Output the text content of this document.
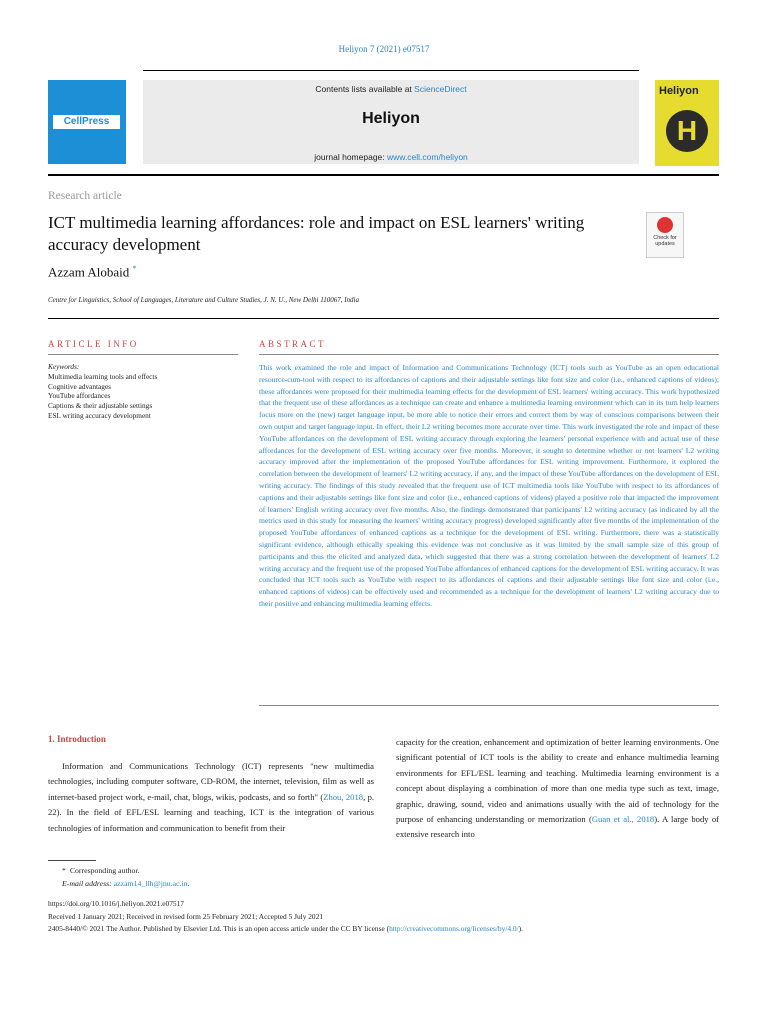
Heliyon 7 (2021) e07517
CellPress
Contents lists available at ScienceDirect
Heliyon
journal homepage: www.cell.com/heliyon
Heliyon
H
Research article
ICT multimedia learning affordances: role and impact on ESL learners' writing accuracy development	Check for updates
Azzam Alobaid *
Centre for Linguistics, School of Languages, Literature and Culture Studies, J. N. U., New Delhi 110067, India
ARTICLE INFO	ABSTRACT
Keywords:
Multimedia learning tools and effects
Cognitive advantages
YouTube affordances
Captions & their adjustable settings
ESL writing accuracy development
This work examined the role and impact of Information and Communications Technology (ICT) tools such as YouTube as an open educational resource-cum-tool with respect to its affordances of captions and their adjustable settings like font size and color (i.e., enhanced captions of videos); these affordances were proposed for their multimedia learning effects for the development of ESL learners' writing accuracy. This work hypothesized that the frequent use of these affordances as a technique can create and enhance a multimedia learning environment which can in its turn help learners focus more on the (new) target language input, be more able to notice their errors and correct them by way of conscious comparisons between their own output and target language input. In effect, their L2 writing becomes more accurate over time. This work investigated the role and impact of these YouTube affordances on the development of ESL writing accuracy through exploring the learners' personal experience with and actual use of these affordances for the development of ESL writing accuracy over five months. Moreover, it sought to determine whether or not learners' L2 writing accuracy improved after the implementation of the proposed YouTube affordances for ESL writing improvement. Furthermore, it explored the correlation between the development of learners' L2 writing accuracy, if any, and the impact of these YouTube affordances on the development of ESL writing accuracy. The findings of this study revealed that the frequent use of ICT multimedia tools like YouTube with respect to its affordances of captions and their adjustable settings like font size and color (i.e., enhanced captions of videos) played a positive role that impacted the improvement of learners' English writing accuracy over five months. Also, the findings demonstrated that participants' L2 writing accuracy (as indicated by all the metrics used in this study for measuring the learners' writing accuracy progress) developed significantly after five months of the implementation of the proposed YouTube affordances of enhanced captions as a technique for the development of ESL writing. Furthermore, there was a statistically significant evidence, although ethically speaking this evidence was not conclusive as it was limited by the small sample size of this group of participants and thus the elicited and analyzed data, which suggested that there was a strong correlation between the development of learners' L2 writing accuracy and the frequent use of the proposed YouTube affordances of enhanced captions for the development of ESL writing accuracy. It was concluded that ICT tools such as YouTube with respect to its affordances of captions and their adjustable settings like font size and color (i.e., enhanced captions of videos) can be effectively used and recommended as a technique for the development of learners' L2 writing accuracy due to their positive and enhancing multimedia learning effects.
1. Introduction
Information and Communications Technology (ICT) represents "new multimedia technologies, including computer software, CD-ROM, the internet, television, film as well as internet-based project work, e-mail, chat, blogs, wikis, podcasts, and so forth" (Zhou, 2018, p. 22). In the field of EFL/ESL learning and teaching, ICT is the integration of various technologies of information and communication to benefit from their
capacity for the creation, enhancement and optimization of better learning environments. One significant potential of ICT tools is the ability to create and enhance multimedia learning environments for EFL/ESL learning and teaching. Multimedia learning environment is a concept about displaying a combination of more than one media type such as text, image, graphic, drawing, sound, video and animations usually with the aid of technology for the purpose of enhancing understanding or memorization (Guan et al., 2018). A large body of extensive research into
* Corresponding author.
E-mail address: azzam14_llh@jnu.ac.in.
https://doi.org/10.1016/j.heliyon.2021.e07517
Received 1 January 2021; Received in revised form 25 February 2021; Accepted 5 July 2021
2405-8440/© 2021 The Author. Published by Elsevier Ltd. This is an open access article under the CC BY license (http://creativecommons.org/licenses/by/4.0/).
